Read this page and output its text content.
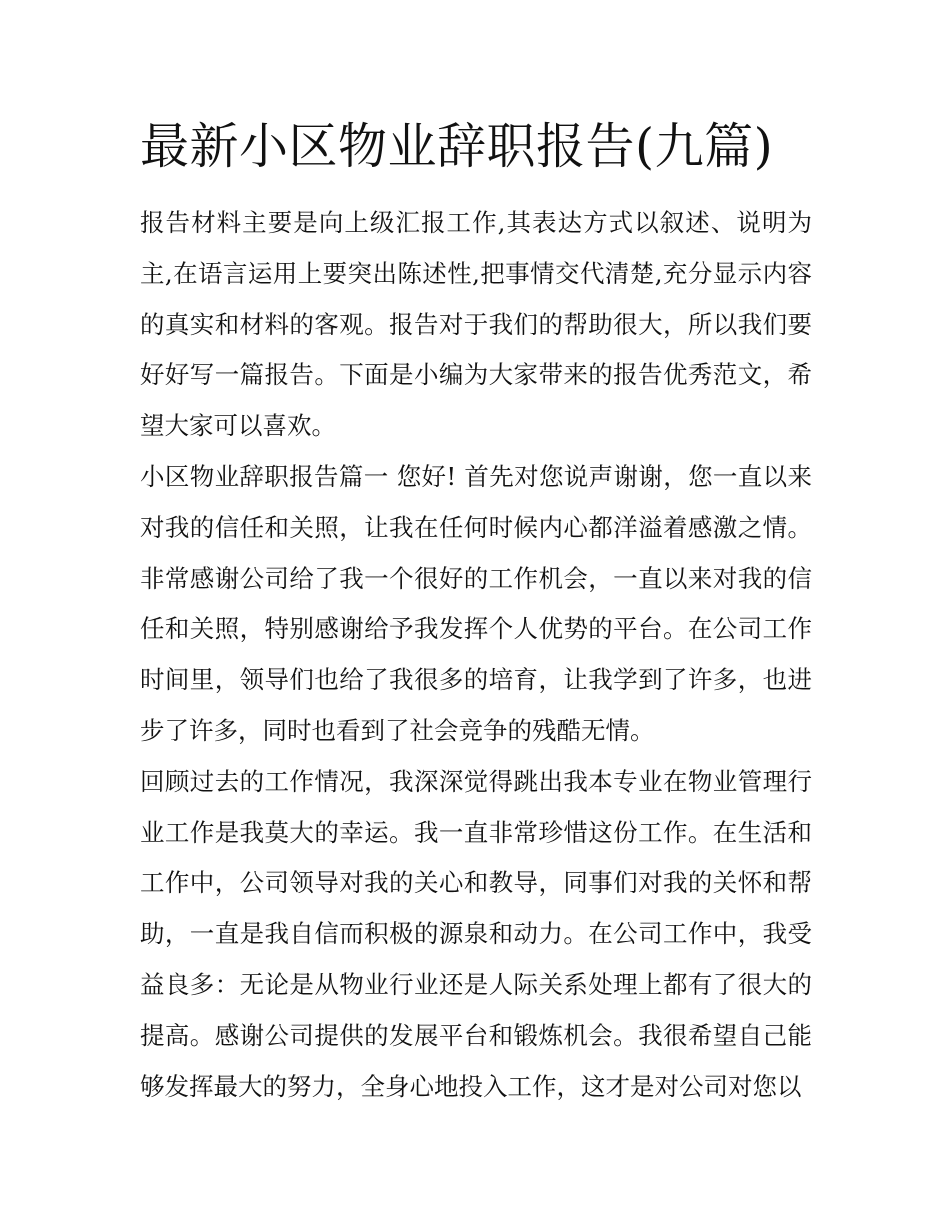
最新小区物业辞职报告(九篇)

报告材料主要是向上级汇报工作,其表达方式以叙述、说明为主,在语言运用上要突出陈述性,把事情交代清楚,充分显示内容的真实和材料的客观。报告对于我们的帮助很大，所以我们要好好写一篇报告。下面是小编为大家带来的报告优秀范文，希望大家可以喜欢。

小区物业辞职报告篇一 您好! 首先对您说声谢谢，您一直以来对我的信任和关照，让我在任何时候内心都洋溢着感激之情。非常感谢公司给了我一个很好的工作机会，一直以来对我的信任和关照，特别感谢给予我发挥个人优势的平台。在公司工作时间里，领导们也给了我很多的培育，让我学到了许多，也进步了许多，同时也看到了社会竞争的残酷无情。

回顾过去的工作情况，我深深觉得跳出我本专业在物业管理行业工作是我莫大的幸运。我一直非常珍惜这份工作。在生活和工作中，公司领导对我的关心和教导，同事们对我的关怀和帮助，一直是我自信而积极的源泉和动力。在公司工作中，我受益良多：无论是从物业行业还是人际关系处理上都有了很大的提高。感谢公司提供的发展平台和锻炼机会。我很希望自己能够发挥最大的努力，全身心地投入工作，这才是对公司对您以
